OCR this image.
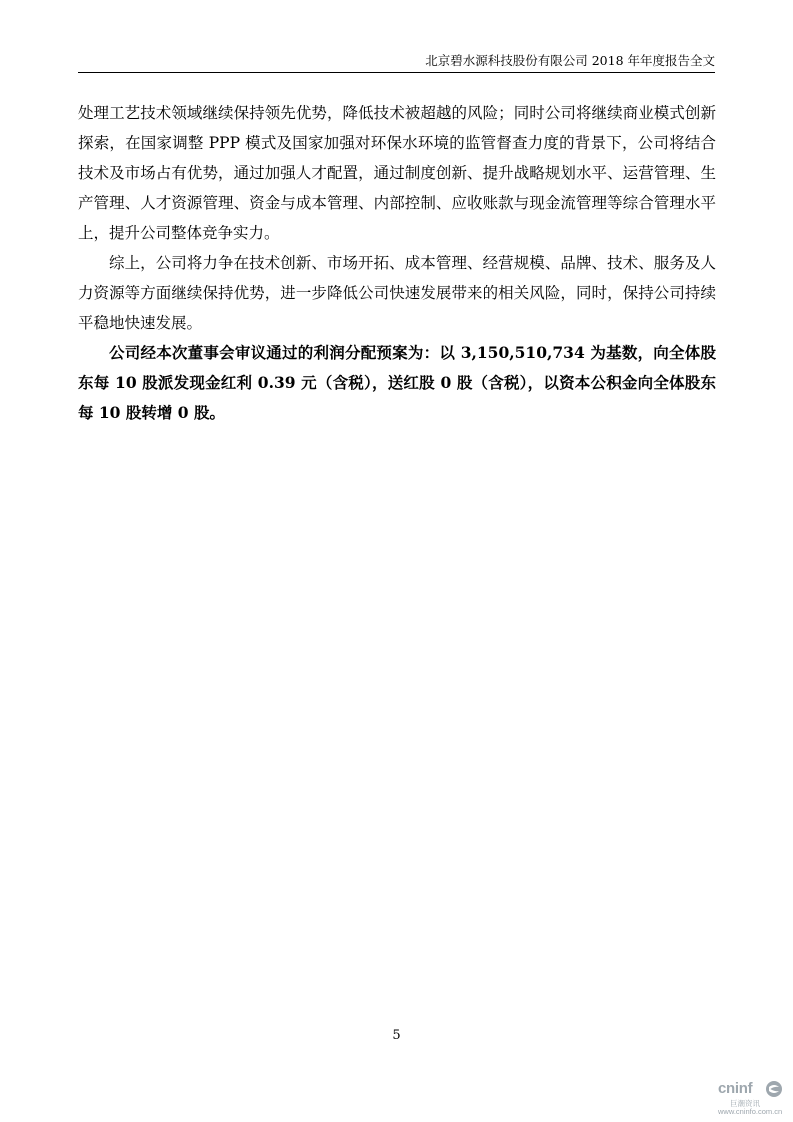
北京碧水源科技股份有限公司 2018 年年度报告全文

处理工艺技术领域继续保持领先优势，降低技术被超越的风险；同时公司将继续商业模式创新探索，在国家调整 PPP 模式及国家加强对环保水环境的监管督查力度的背景下，公司将结合技术及市场占有优势，通过加强人才配置，通过制度创新、提升战略规划水平、运营管理、生产管理、人才资源管理、资金与成本管理、内部控制、应收账款与现金流管理等综合管理水平上，提升公司整体竞争实力。

综上，公司将力争在技术创新、市场开拓、成本管理、经营规模、品牌、技术、服务及人力资源等方面继续保持优势，进一步降低公司快速发展带来的相关风险，同时，保持公司持续平稳地快速发展。

公司经本次董事会审议通过的利润分配预案为：以 3,150,510,734 为基数，向全体股东每 10 股派发现金红利 0.39 元（含税），送红股 0 股（含税），以资本公积金向全体股东每 10 股转增 0 股。

5
cninf
巨潮资讯
www.cninfo.com.cn
